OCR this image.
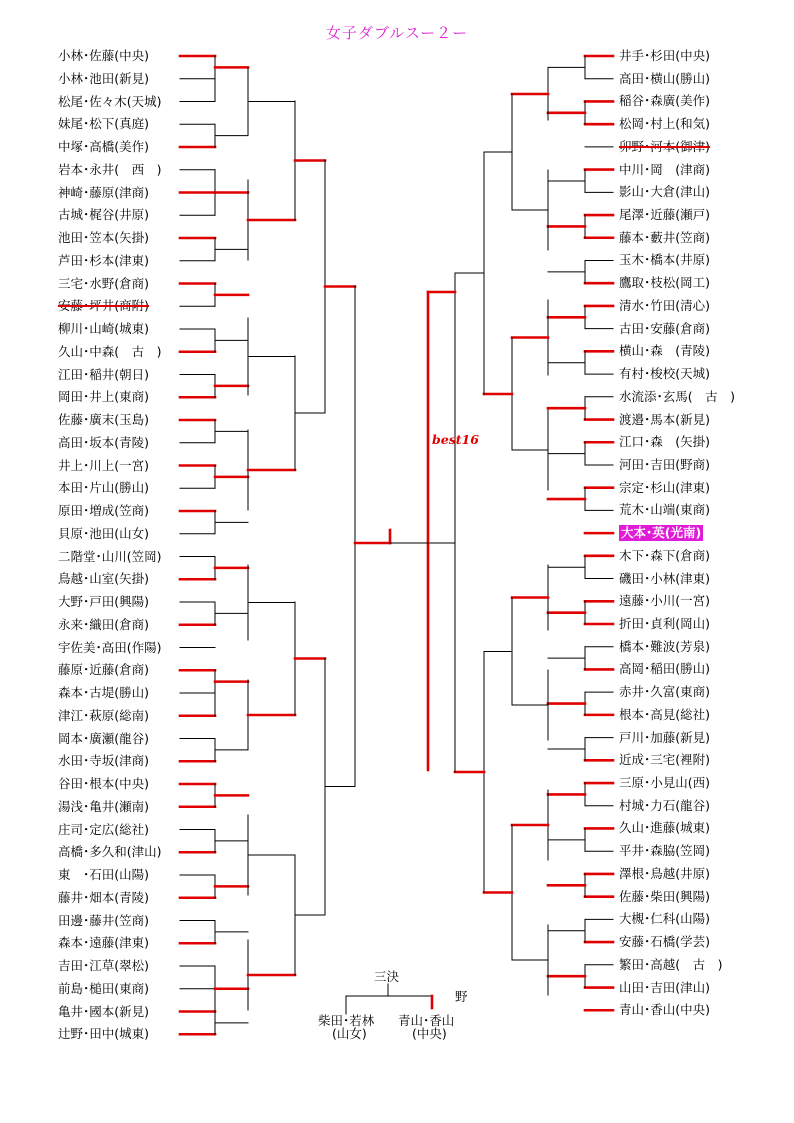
女子ダブルスー２ー
小林･佐藤(中央)
小林･池田(新見)
松尾･佐々木(天城)
妹尾･松下(真庭)
中塚･高橋(美作)
岩本･永井(　西　)
神崎･藤原(津商)
古城･梶谷(井原)
池田･笠本(矢掛)
芦田･杉本(津東)
三宅･水野(倉商)
安藤･坪井(商附)
柳川･山崎(城東)
久山･中森(　古　)
江田･稲井(朝日)
岡田･井上(東商)
佐藤･廣末(玉島)
高田･坂本(青陵)
井上･川上(一宮)
本田･片山(勝山)
原田･増成(笠商)
貝原･池田(山女)
二階堂･山川(笠岡)
鳥越･山室(矢掛)
大野･戸田(興陽)
永来･織田(倉商)
宇佐美･高田(作陽)
藤原･近藤(倉商)
森本･古堤(勝山)
津江･萩原(総南)
岡本･廣瀬(龍谷)
水田･寺坂(津商)
谷田･根本(中央)
湯浅･亀井(瀬南)
庄司･定広(総社)
高橋･多久和(津山)
東　･石田(山陽)
藤井･畑本(青陵)
田邊･藤井(笠商)
森本･遠藤(津東)
吉田･江草(翠松)
前島･槌田(東商)
亀井･國本(新見)
辻野･田中(城東)
井手･杉田(中央)
高田･横山(勝山)
稲谷･森廣(美作)
松岡･村上(和気)
卯野･河本(御津)
中川･岡　(津商)
影山･大倉(津山)
尾澤･近藤(瀬戸)
藤本･藪井(笠商)
玉木･橋本(井原)
鷹取･枝松(岡工)
清水･竹田(清心)
古田･安藤(倉商)
横山･森　(青陵)
有村･梭校(天城)
水流添･玄馬(　古　)
渡邉･馬本(新見)
江口･森　(矢掛)
河田･吉田(野商)
宗定･杉山(津東)
荒木･山端(東商)
大本･英(光南)
木下･森下(倉商)
磯田･小林(津東)
遠藤･小川(一宮)
折田･貞利(岡山)
橋本･難波(芳泉)
高岡･稲田(勝山)
赤井･久富(東商)
根本･高見(総社)
戸川･加藤(新見)
近成･三宅(裡附)
三原･小見山(西)
村城･力石(龍谷)
久山･進藤(城東)
平井･森脇(笠岡)
澤根･鳥越(井原)
佐藤･柴田(興陽)
大槻･仁科(山陽)
安藤･石橋(学芸)
繁田･高越(　古　)
山田･吉田(津山)
青山･香山(中央)
best16
三決
野
柴田･若林
(山女)
青山･香山
(中央)
